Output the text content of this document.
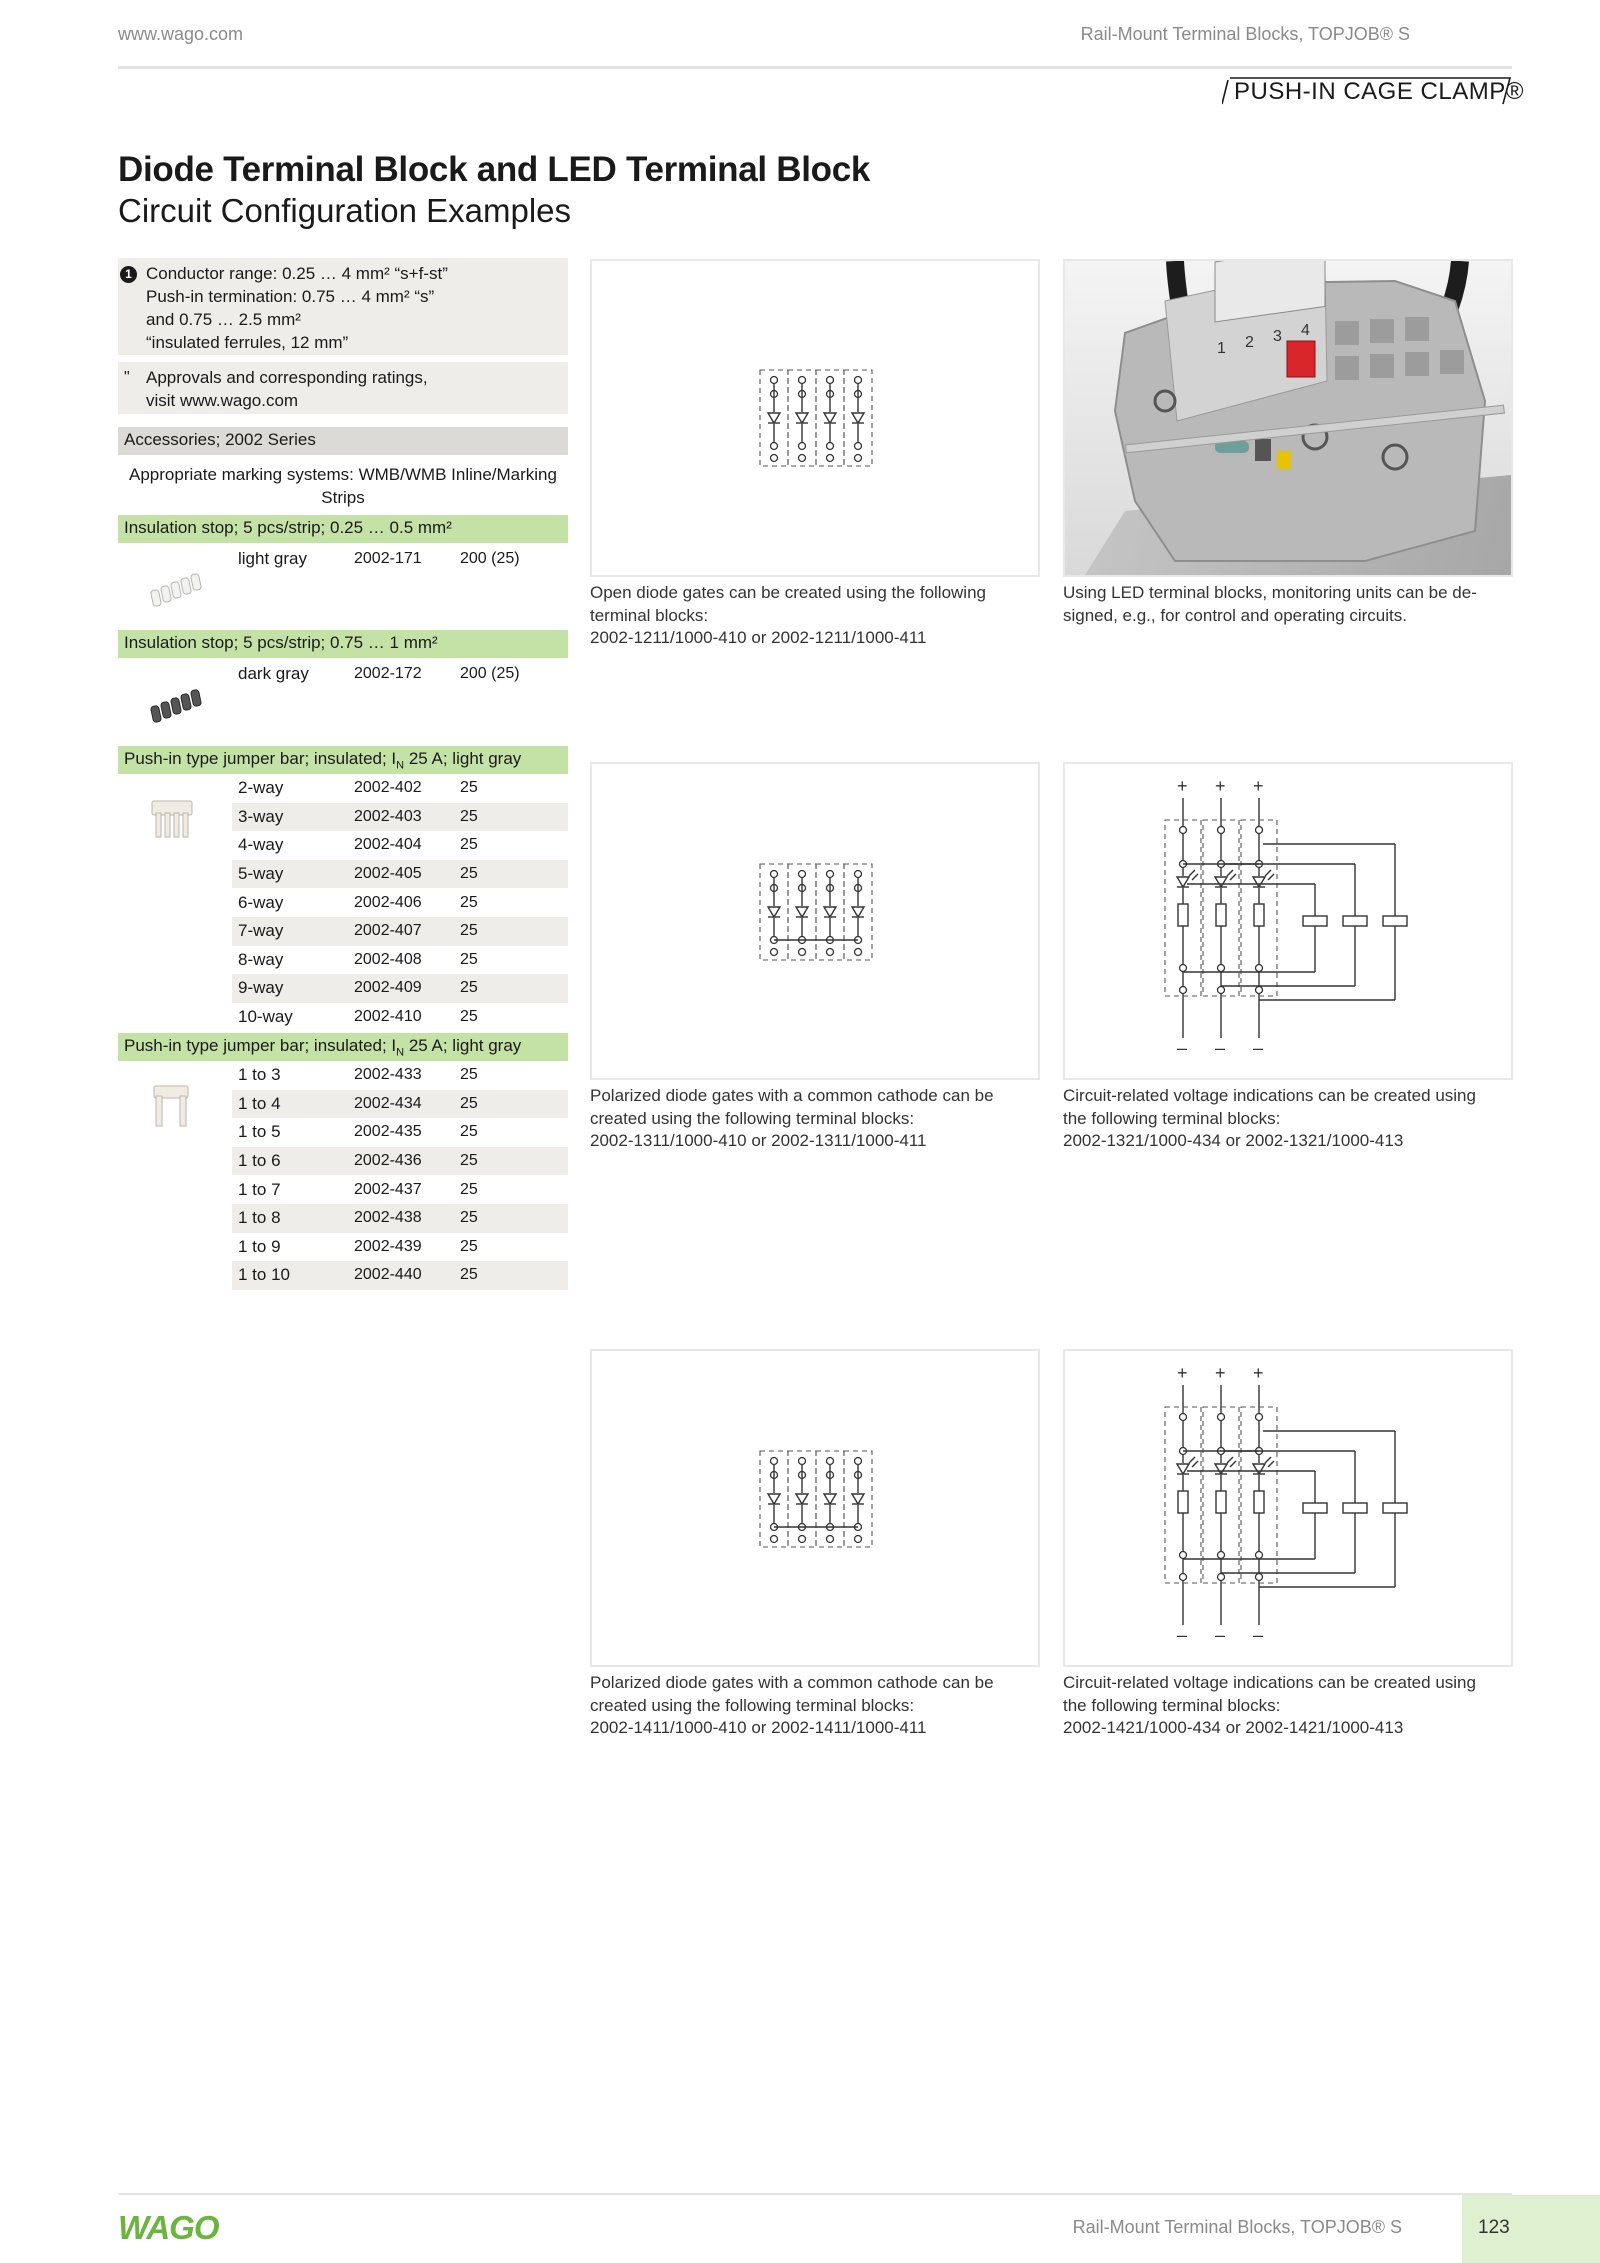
www.wago.com	Rail-Mount Terminal Blocks, TOPJOB® S
PUSH-IN CAGE CLAMP®
Diode Terminal Block and LED Terminal Block
Circuit Configuration Examples
1 Conductor range: 0.25 … 4 mm² “s+f-st”
Push-in termination: 0.75 … 4 mm² “s”
and 0.75 … 2.5 mm²
“insulated ferrules, 12 mm”
" Approvals and corresponding ratings,
visit www.wago.com
Accessories; 2002 Series
Appropriate marking systems: WMB/WMB Inline/Marking
Strips
Insulation stop; 5 pcs/strip; 0.25 … 0.5 mm²
light gray	2002-171	200 (25)
Insulation stop; 5 pcs/strip; 0.75 … 1 mm²
dark gray	2002-172	200 (25)
Push-in type jumper bar; insulated; $I_N$ 25 A; light gray
2-way	2002-402	25
3-way	2002-403	25
4-way	2002-404	25
5-way	2002-405	25
6-way	2002-406	25
7-way	2002-407	25
8-way	2002-408	25
9-way	2002-409	25
10-way	2002-410	25
Push-in type jumper bar; insulated; $I_N$ 25 A; light gray
1 to 3	2002-433	25
1 to 4	2002-434	25
1 to 5	2002-435	25
1 to 6	2002-436	25
1 to 7	2002-437	25
1 to 8	2002-438	25
1 to 9	2002-439	25
1 to 10	2002-440	25
Open diode gates can be created using the following
terminal blocks:
2002-1211/1000-410 or 2002-1211/1000-411
1 2 3 4
Using LED terminal blocks, monitoring units can be de-
signed, e.g., for control and operating circuits.
Polarized diode gates with a common cathode can be
created using the following terminal blocks:
2002-1311/1000-410 or 2002-1311/1000-411
+
–
+
–
+
–
Circuit-related voltage indications can be created using
the following terminal blocks:
2002-1321/1000-434 or 2002-1321/1000-413
Polarized diode gates with a common cathode can be
created using the following terminal blocks:
2002-1411/1000-410 or 2002-1411/1000-411
+
–
+
–
+
–
Circuit-related voltage indications can be created using
the following terminal blocks:
2002-1421/1000-434 or 2002-1421/1000-413
WAGO	Rail-Mount Terminal Blocks, TOPJOB® S	123
